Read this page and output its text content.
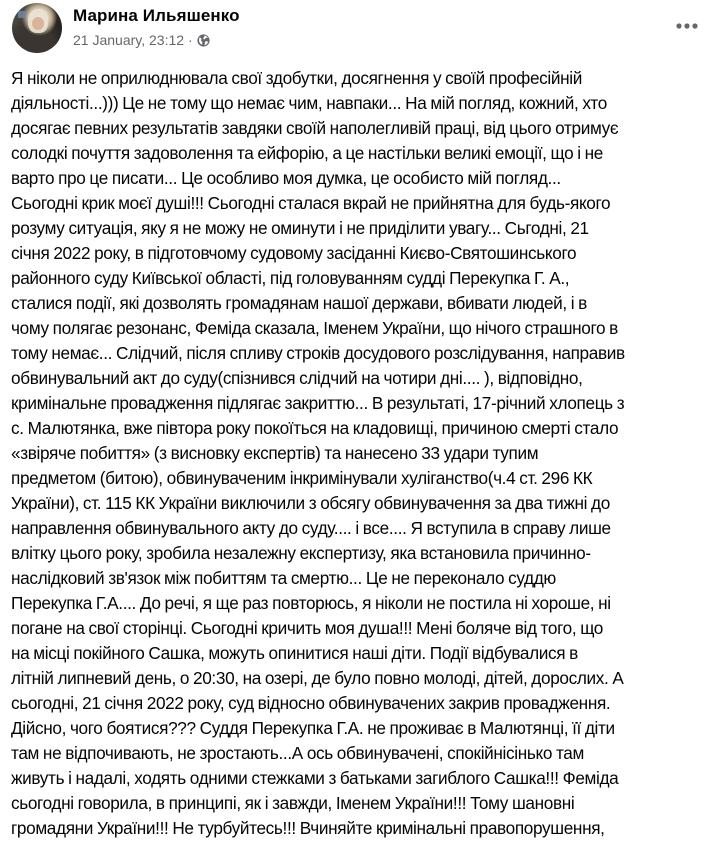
Марина Ильяшенко
21 January, 23:12 ·
Я ніколи не оприлюднювала свої здобутки, досягнення у своїй професійній
діяльності...))) Це не тому що немає чим, навпаки... На мій погляд, кожний, хто
досягає певних результатів завдяки своїй наполегливій праці, від цього отримує
солодкі почуття задоволення та ейфорію, а це настільки великі емоції, що і не
варто про це писати... Це особливо моя думка, це особисто мій погляд...
Сьогодні крик моєї душі!!! Сьогодні сталася вкрай не прийнятна для будь-якого
розуму ситуація, яку я не можу не оминути і не приділити увагу... Сьгодні, 21
січня 2022 року, в підготовчому судовому засіданні Києво-Святошинського
районного суду Київської області, під головуванням судді Перекупка Г. А.,
сталися події, які дозволять громадянам нашої держави, вбивати людей, і в
чому полягає резонанс, Феміда сказала, Іменем України, що нічого страшного в
тому немає... Слідчий, після спливу строків досудового розслідування, направив
обвинувальний акт до суду(спізнився слідчий на чотири дні.... ), відповідно,
кримінальне провадження підлягає закриттю... В результаті, 17-річний хлопець з
с. Малютянка, вже півтора року покоїться на кладовищі, причиною смерті стало
«звіряче побиття» (з висновку експертів) та нанесено 33 удари тупим
предметом (битою), обвинуваченим інкримінували хуліганство(ч.4 ст. 296 КК
України), ст. 115 КК України виключили з обсягу обвинувачення за два тижні до
направлення обвинувального акту до суду.... і все.... Я вступила в справу лише
влітку цього року, зробила незалежну експертизу, яка встановила причинно-
наслідковий зв'язок між побиттям та смертю... Це не переконало суддю
Перекупка Г.А.... До речі, я ще раз повторюсь, я ніколи не постила ні хороше, ні
погане на свої сторінці. Сьогодні кричить моя душа!!! Мені боляче від того, що
на місці покійного Сашка, можуть опинитися наші діти. Події відбувалися в
літній липневий день, о 20:30, на озері, де було повно молоді, дітей, дорослих. А
сьогодні, 21 січня 2022 року, суд відносно обвинувачених закрив провадження.
Дійсно, чого боятися??? Суддя Перекупка Г.А. не проживає в Малютянці, її діти
там не відпочивають, не зростають...А ось обвинувачені, спокійнісінько там
живуть і надалі, ходять одними стежками з батьками загиблого Сашка!!! Феміда
сьогодні говорила, в принципі, як і завжди, Іменем України!!! Тому шановні
громадяни України!!! Не турбуйтесь!!! Вчиняйте кримінальні правопорушення,
